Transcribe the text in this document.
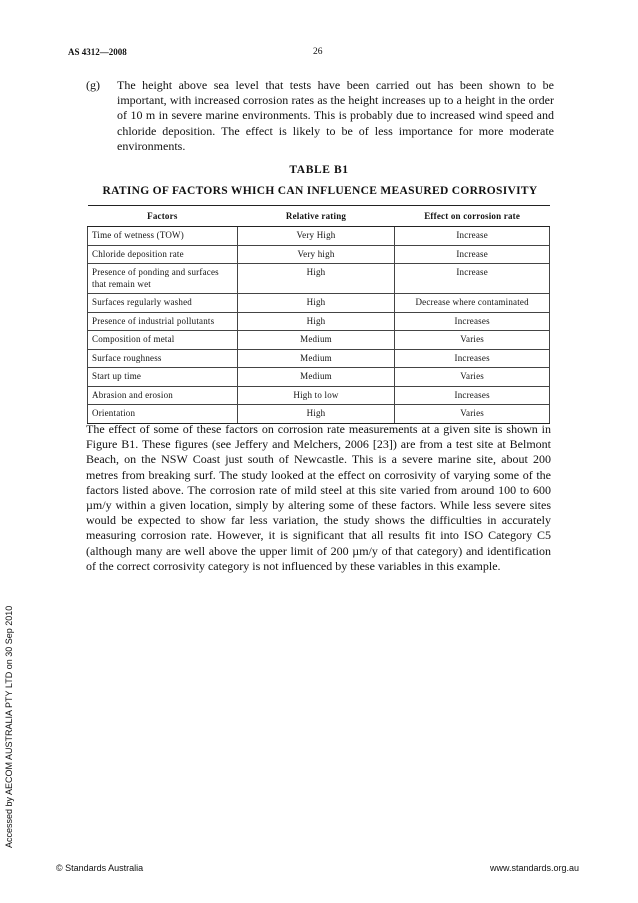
AS 4312—2008	26
(g) The height above sea level that tests have been carried out has been shown to be important, with increased corrosion rates as the height increases up to a height in the order of 10 m in severe marine environments. This is probably due to increased wind speed and chloride deposition. The effect is likely to be of less importance for more moderate environments.
TABLE B1
RATING OF FACTORS WHICH CAN INFLUENCE MEASURED CORROSIVITY
Factors	Relative rating	Effect on corrosion rate
Time of wetness (TOW)	Very High	Increase
Chloride deposition rate	Very high	Increase
Presence of ponding and surfaces that remain wet	High	Increase
Surfaces regularly washed	High	Decrease where contaminated
Presence of industrial pollutants	High	Increases
Composition of metal	Medium	Varies
Surface roughness	Medium	Increases
Start up time	Medium	Varies
Abrasion and erosion	High to low	Increases
Orientation	High	Varies
The effect of some of these factors on corrosion rate measurements at a given site is shown in Figure B1. These figures (see Jeffery and Melchers, 2006 [23]) are from a test site at Belmont Beach, on the NSW Coast just south of Newcastle. This is a severe marine site, about 200 metres from breaking surf. The study looked at the effect on corrosivity of varying some of the factors listed above. The corrosion rate of mild steel at this site varied from around 100 to 600 µm/y within a given location, simply by altering some of these factors. While less severe sites would be expected to show far less variation, the study shows the difficulties in accurately measuring corrosion rate. However, it is significant that all results fit into ISO Category C5 (although many are well above the upper limit of 200 µm/y of that category) and identification of the correct corrosivity category is not influenced by these variables in this example.
Accessed by AECOM AUSTRALIA PTY LTD on 30 Sep 2010
© Standards Australia	www.standards.org.au
